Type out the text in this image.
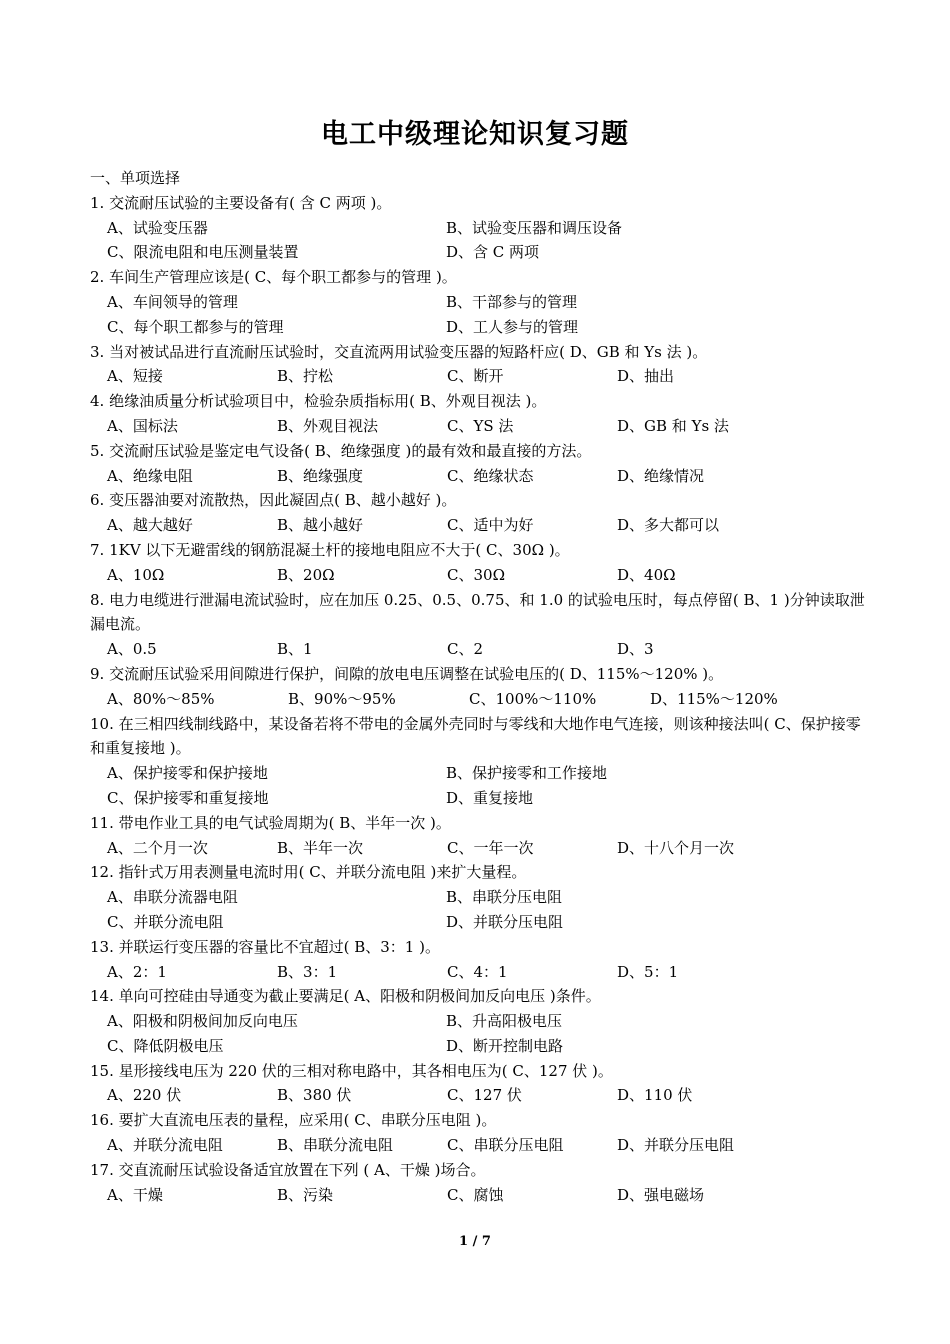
电工中级理论知识复习题
一、单项选择
1. 交流耐压试验的主要设备有( 含 C 两项 )。
A、试验变压器	B、试验变压器和调压设备
C、限流电阻和电压测量装置	D、含 C 两项
2. 车间生产管理应该是( C、每个职工都参与的管理 )。
A、车间领导的管理	B、干部参与的管理
C、每个职工都参与的管理	D、工人参与的管理
3. 当对被试品进行直流耐压试验时，交直流两用试验变压器的短路杆应( D、GB 和 Ys 法 )。
A、短接	B、拧松	C、断开	D、抽出
4. 绝缘油质量分析试验项目中，检验杂质指标用( B、外观目视法 )。
A、国标法	B、外观目视法	C、YS 法	D、GB 和 Ys 法
5. 交流耐压试验是鉴定电气设备( B、绝缘强度 )的最有效和最直接的方法。
A、绝缘电阻	B、绝缘强度	C、绝缘状态	D、绝缘情况
6. 变压器油要对流散热，因此凝固点( B、越小越好 )。
A、越大越好	B、越小越好	C、适中为好	D、多大都可以
7. 1KV 以下无避雷线的钢筋混凝土杆的接地电阻应不大于( C、30Ω )。
A、10Ω	B、20Ω	C、30Ω	D、40Ω
8. 电力电缆进行泄漏电流试验时，应在加压 0.25、0.5、0.75、和 1.0 的试验电压时，每点停留( B、1 )分钟读取泄漏电流。
A、0.5	B、1	C、2	D、3
9. 交流耐压试验采用间隙进行保护，间隙的放电电压调整在试验电压的( D、115%～120% )。
A、80%～85%	B、90%～95%	C、100%～110%	D、115%～120%
10. 在三相四线制线路中，某设备若将不带电的金属外壳同时与零线和大地作电气连接，则该种接法叫( C、保护接零和重复接地 )。
A、保护接零和保护接地	B、保护接零和工作接地
C、保护接零和重复接地	D、重复接地
11. 带电作业工具的电气试验周期为( B、半年一次 )。
A、二个月一次	B、半年一次	C、一年一次	D、十八个月一次
12. 指针式万用表测量电流时用( C、并联分流电阻 )来扩大量程。
A、串联分流器电阻	B、串联分压电阻
C、并联分流电阻	D、并联分压电阻
13. 并联运行变压器的容量比不宜超过( B、3：1 )。
A、2：1	B、3：1	C、4：1	D、5：1
14. 单向可控硅由导通变为截止要满足( A、阳极和阴极间加反向电压 )条件。
A、阳极和阴极间加反向电压	B、升高阳极电压
C、降低阴极电压	D、断开控制电路
15. 星形接线电压为 220 伏的三相对称电路中，其各相电压为( C、127 伏 )。
A、220 伏	B、380 伏	C、127 伏	D、110 伏
16. 要扩大直流电压表的量程，应采用( C、串联分压电阻 )。
A、并联分流电阻	B、串联分流电阻	C、串联分压电阻	D、并联分压电阻
17. 交直流耐压试验设备适宜放置在下列 ( A、干燥 )场合。
A、干燥	B、污染	C、腐蚀	D、强电磁场
1 / 7
